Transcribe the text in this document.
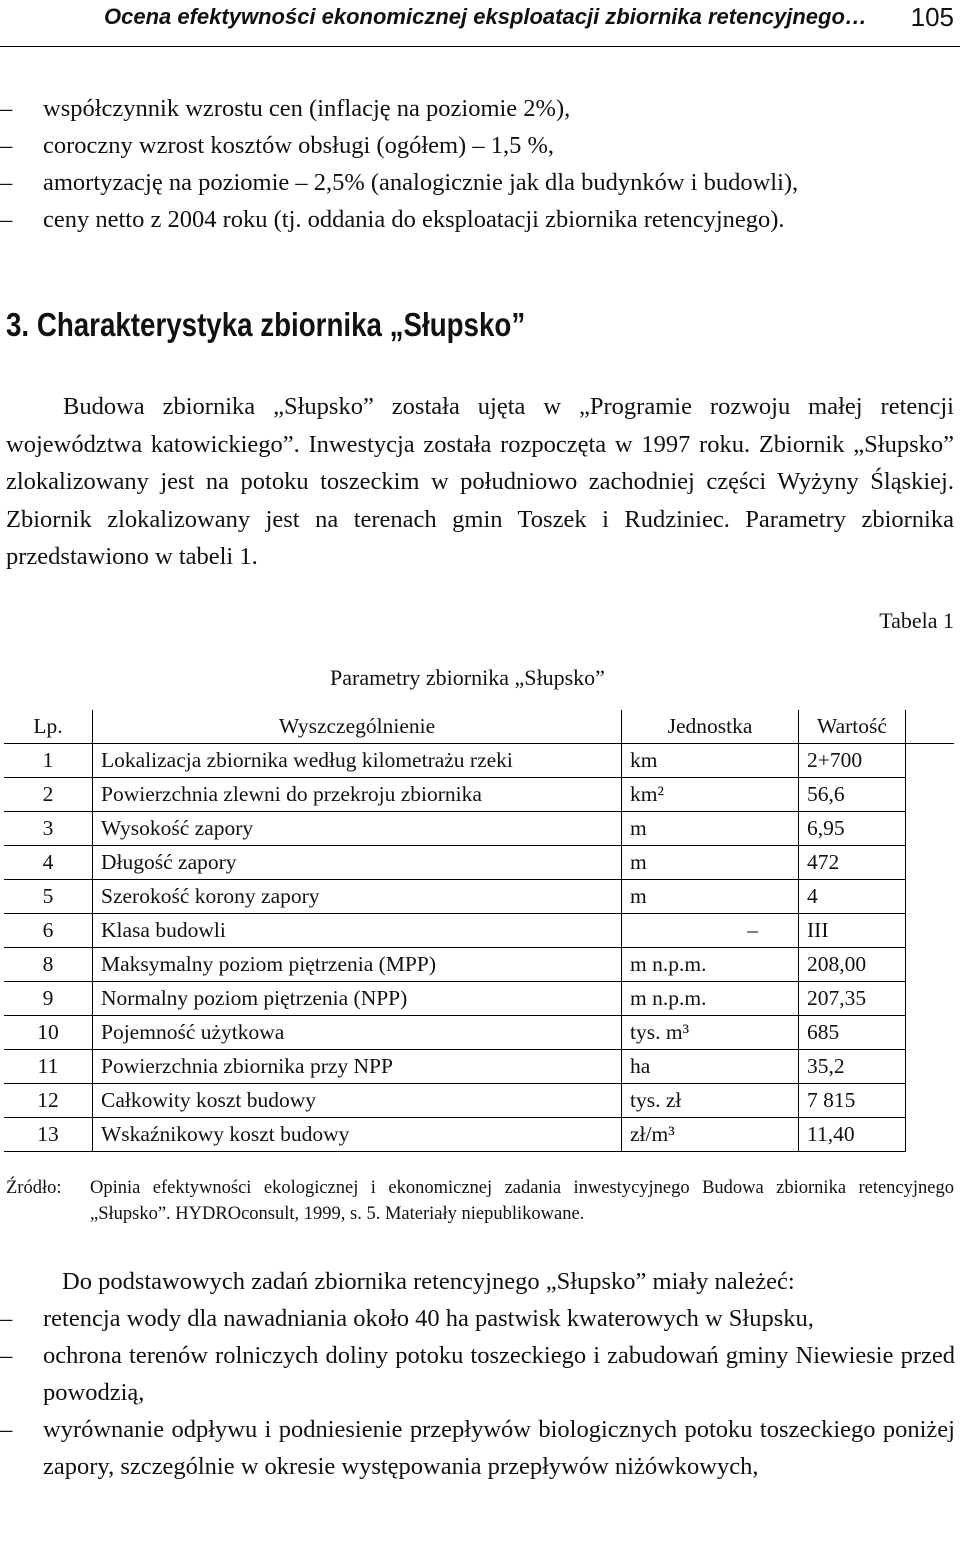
Ocena efektywności ekonomicznej eksploatacji zbiornika retencyjnego… 105
–	współczynnik wzrostu cen (inflację na poziomie 2%),
–	coroczny wzrost kosztów obsługi (ogółem) – 1,5 %,
–	amortyzację na poziomie – 2,5% (analogicznie jak dla budynków i budowli),
–	ceny netto z 2004 roku (tj. oddania do eksploatacji zbiornika retencyjnego).
3. Charakterystyka zbiornika „Słupsko”

Budowa zbiornika „Słupsko” została ujęta w „Programie rozwoju małej retencji województwa katowickiego”. Inwestycja została rozpoczęta w 1997 roku. Zbiornik „Słupsko” zlokalizowany jest na potoku toszeckim w południowo zachodniej części Wyżyny Śląskiej. Zbiornik zlokalizowany jest na terenach gmin Toszek i Rudziniec. Parametry zbiornika przedstawiono w tabeli 1.

Tabela 1
Parametry zbiornika „Słupsko”
Lp.	Wyszczególnienie	Jednostka	Wartość	
1	Lokalizacja zbiornika według kilometrażu rzeki	km	2+700	
2	Powierzchnia zlewni do przekroju zbiornika	km²	56,6	
3	Wysokość zapory	m	6,95	
4	Długość zapory	m	472	
5	Szerokość korony zapory	m	4	
6	Klasa budowli	–	III	
8	Maksymalny poziom piętrzenia (MPP)	m n.p.m.	208,00	
9	Normalny poziom piętrzenia (NPP)	m n.p.m.	207,35	
10	Pojemność użytkowa	tys. m³	685	
11	Powierzchnia zbiornika przy NPP	ha	35,2	
12	Całkowity koszt budowy	tys. zł	7 815	
13	Wskaźnikowy koszt budowy	zł/m³	11,40	
Źródło: Opinia efektywności ekologicznej i ekonomicznej zadania inwestycyjnego Budowa zbiornika retencyjnego „Słupsko”. HYDROconsult, 1999, s. 5. Materiały niepublikowane.

Do podstawowych zadań zbiornika retencyjnego „Słupsko” miały należeć:

–	retencja wody dla nawadniania około 40 ha pastwisk kwaterowych w Słupsku,
–	ochrona terenów rolniczych doliny potoku toszeckiego i zabudowań gminy Niewiesie przed powodzią,
–	wyrównanie odpływu i podniesienie przepływów biologicznych potoku toszeckiego poniżej zapory, szczególnie w okresie występowania przepływów niżówkowych,
